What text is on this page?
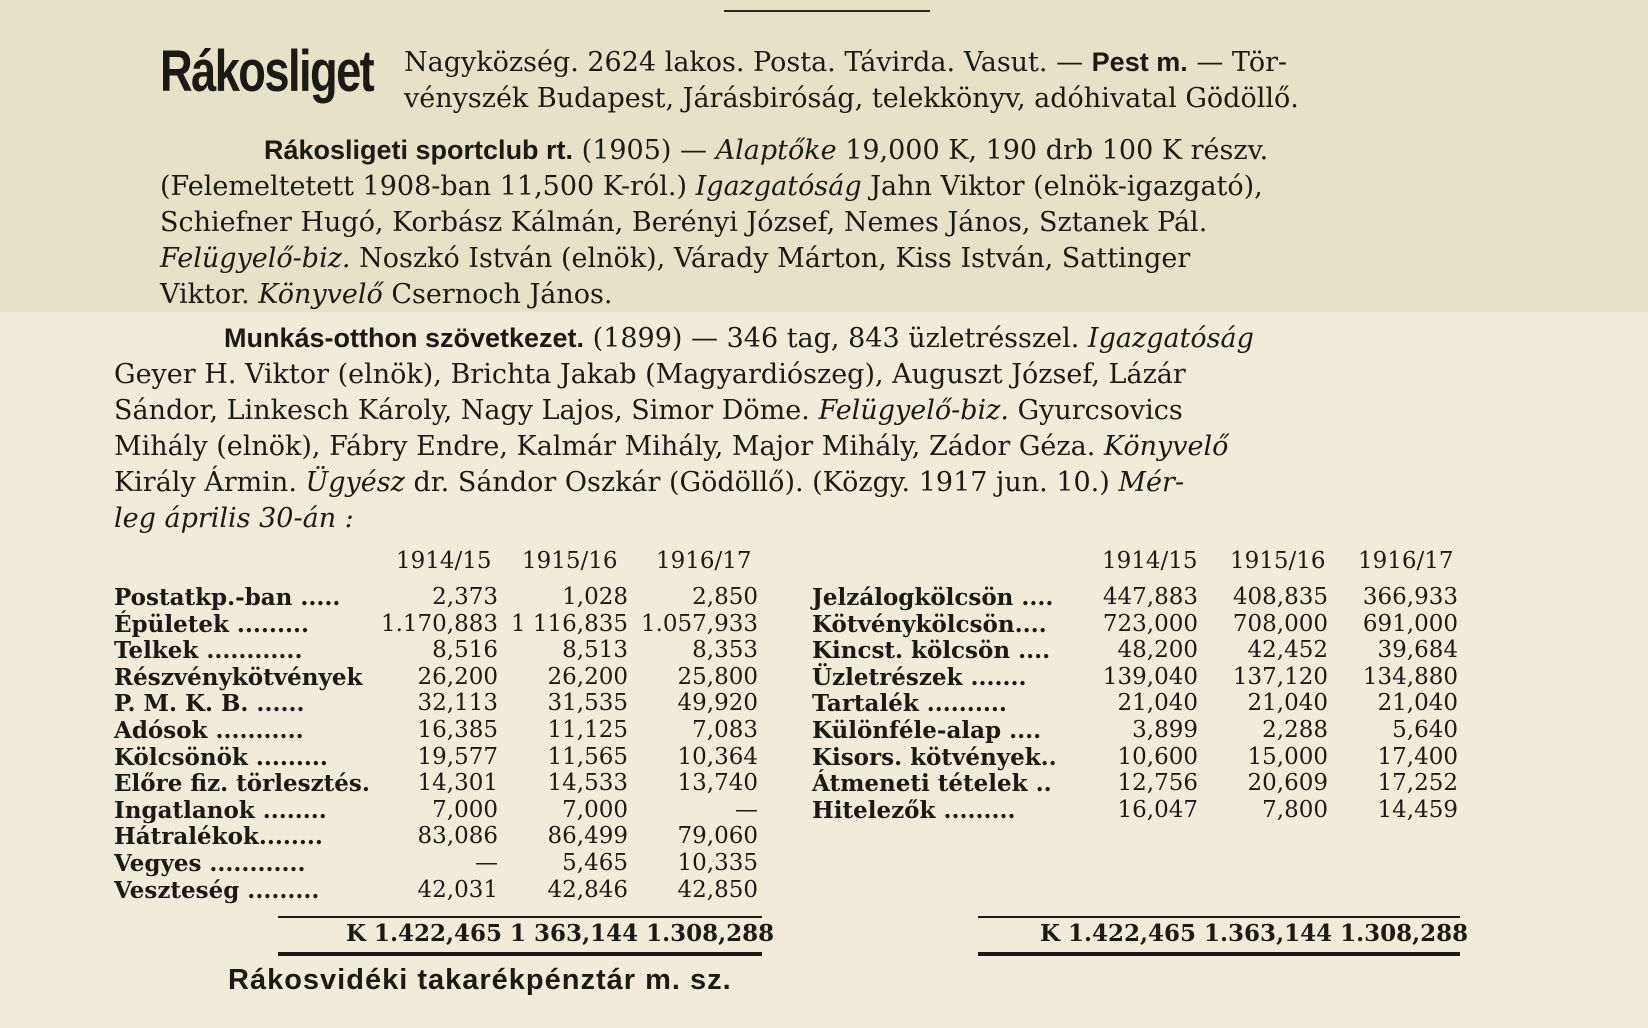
Rákosliget Nagyközség. 2624 lakos. Posta. Távirda. Vasut. — Pest m. — Tör-
vényszék Budapest, Járásbiróság, telekkönyv, adóhivatal Gödöllő.
Rákosligeti sportclub rt. (1905) — Alaptőke 19,000 K, 190 drb 100 K részv.
(Felemeltetett 1908-ban 11,500 K-ról.) Igazgatóság Jahn Viktor (elnök-igazgató),
Schiefner Hugó, Korbász Kálmán, Berényi József, Nemes János, Sztanek Pál.
Felügyelő-biz. Noszkó István (elnök), Várady Márton, Kiss István, Sattinger
Viktor. Könyvelő Csernoch János.
Munkás-otthon szövetkezet. (1899) — 346 tag, 843 üzletrésszel. Igazgatóság
Geyer H. Viktor (elnök), Brichta Jakab (Magyardiószeg), Auguszt József, Lázár
Sándor, Linkesch Károly, Nagy Lajos, Simor Döme. Felügyelő-biz. Gyurcsovics
Mihály (elnök), Fábry Endre, Kalmár Mihály, Major Mihály, Zádor Géza. Könyvelő
Király Ármin. Ügyész dr. Sándor Oszkár (Gödöllő). (Közgy. 1917 jun. 10.) Mér-
leg április 30-án :
1914/15 1915/16 1916/17
Postatkp.-ban .....	2,373	1,028	2,850
Épületek .........	1.170,883 1 116,835 1.057,933
Telkek ............	8,516	8,513	8,353
Részvénykötvények	26,200	26,200	25,800
P. M. K. B. ......	32,113	31,535	49,920
Adósok ...........	16,385	11,125	7,083
Kölcsönök .........	19,577	11,565	10,364
Előre fiz. törlesztés.	14,301	14,533	13,740
Ingatlanok ........	7,000	7,000	—
Hátralékok........	83,086	86,499	79,060
Vegyes ............	—	5,465	10,335
Veszteség .........	42,031	42,846	42,850
1914/15 1915/16 1916/17
Jelzálogkölcsön ....	447,883	408,835	366,933
Kötvénykölcsön....	723,000	708,000	691,000
Kincst. kölcsön ....	48,200	42,452	39,684
Üzletrészek .......	139,040	137,120	134,880
Tartalék ..........	21,040	21,040	21,040
Különféle-alap ....	3,899	2,288	5,640
Kisors. kötvények..	10,600	15,000	17,400
Átmeneti tételek ..	12,756	20,609	17,252
Hitelezők .........	16,047	7,800	14,459
K 1.422,465 1 363,144 1.308,288	K 1.422,465 1.363,144 1.308,288
Rákosvidéki takarékpénztár m. sz.
